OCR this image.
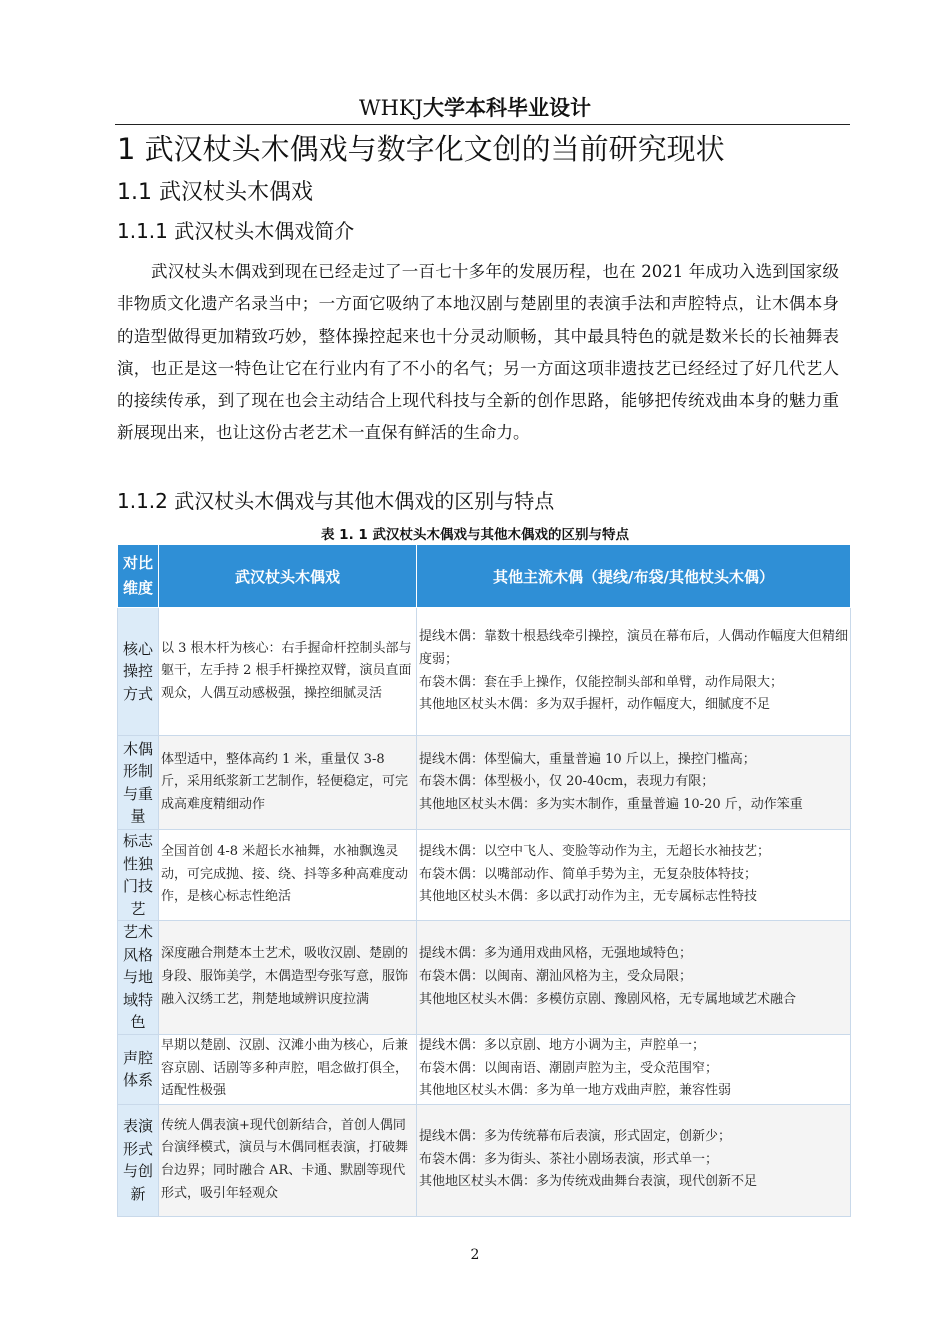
WHKJ大学本科毕业设计
1 武汉杖头木偶戏与数字化文创的当前研究现状
1.1 武汉杖头木偶戏
1.1.1 武汉杖头木偶戏简介
武汉杖头木偶戏到现在已经走过了一百七十多年的发展历程，也在 2021 年成功入选到国家级非物质文化遗产名录当中；一方面它吸纳了本地汉剧与楚剧里的表演手法和声腔特点，让木偶本身的造型做得更加精致巧妙，整体操控起来也十分灵动顺畅，其中最具特色的就是数米长的长袖舞表演，也正是这一特色让它在行业内有了不小的名气；另一方面这项非遗技艺已经经过了好几代艺人的接续传承，到了现在也会主动结合上现代科技与全新的创作思路，能够把传统戏曲本身的魅力重新展现出来，也让这份古老艺术一直保有鲜活的生命力。
1.1.2 武汉杖头木偶戏与其他木偶戏的区别与特点
表 1. 1 武汉杖头木偶戏与其他木偶戏的区别与特点
对比维度	武汉杖头木偶戏	其他主流木偶（提线/布袋/其他杖头木偶）
核心操控方式	以 3 根木杆为核心：右手握命杆控制头部与躯干，左手持 2 根手杆操控双臂，演员直面观众，人偶互动感极强，操控细腻灵活	提线木偶：靠数十根悬线牵引操控，演员在幕布后，人偶动作幅度大但精细度弱；
布袋木偶：套在手上操作，仅能控制头部和单臂，动作局限大；
其他地区杖头木偶：多为双手握杆，动作幅度大，细腻度不足

木偶形制与重量	体型适中，整体高约 1 米，重量仅 3-8 斤，采用纸浆新工艺制作，轻便稳定，可完成高难度精细动作	提线木偶：体型偏大，重量普遍 10 斤以上，操控门槛高；
布袋木偶：体型极小，仅 20-40cm，表现力有限；
其他地区杖头木偶：多为实木制作，重量普遍 10-20 斤，动作笨重

标志性独门技艺	全国首创 4-8 米超长水袖舞，水袖飘逸灵动，可完成抛、接、绕、抖等多种高难度动作，是核心标志性绝活	提线木偶：以空中飞人、变脸等动作为主，无超长水袖技艺；
布袋木偶：以嘴部动作、简单手势为主，无复杂肢体特技；
其他地区杖头木偶：多以武打动作为主，无专属标志性特技

艺术风格与地域特色	深度融合荆楚本土艺术，吸收汉剧、楚剧的身段、服饰美学，木偶造型夸张写意，服饰融入汉绣工艺，荆楚地域辨识度拉满	提线木偶：多为通用戏曲风格，无强地域特色；
布袋木偶：以闽南、潮汕风格为主，受众局限；
其他地区杖头木偶：多模仿京剧、豫剧风格，无专属地域艺术融合

声腔体系	早期以楚剧、汉剧、汉滩小曲为核心，后兼容京剧、话剧等多种声腔，唱念做打俱全，适配性极强	提线木偶：多以京剧、地方小调为主，声腔单一；
布袋木偶：以闽南语、潮剧声腔为主，受众范围窄；
其他地区杖头木偶：多为单一地方戏曲声腔，兼容性弱

表演形式与创新	传统人偶表演+现代创新结合，首创人偶同台演绎模式，演员与木偶同框表演，打破舞台边界；同时融合 AR、卡通、默剧等现代形式，吸引年轻观众	提线木偶：多为传统幕布后表演，形式固定，创新少；
布袋木偶：多为街头、茶社小剧场表演，形式单一；
其他地区杖头木偶：多为传统戏曲舞台表演，现代创新不足
2
